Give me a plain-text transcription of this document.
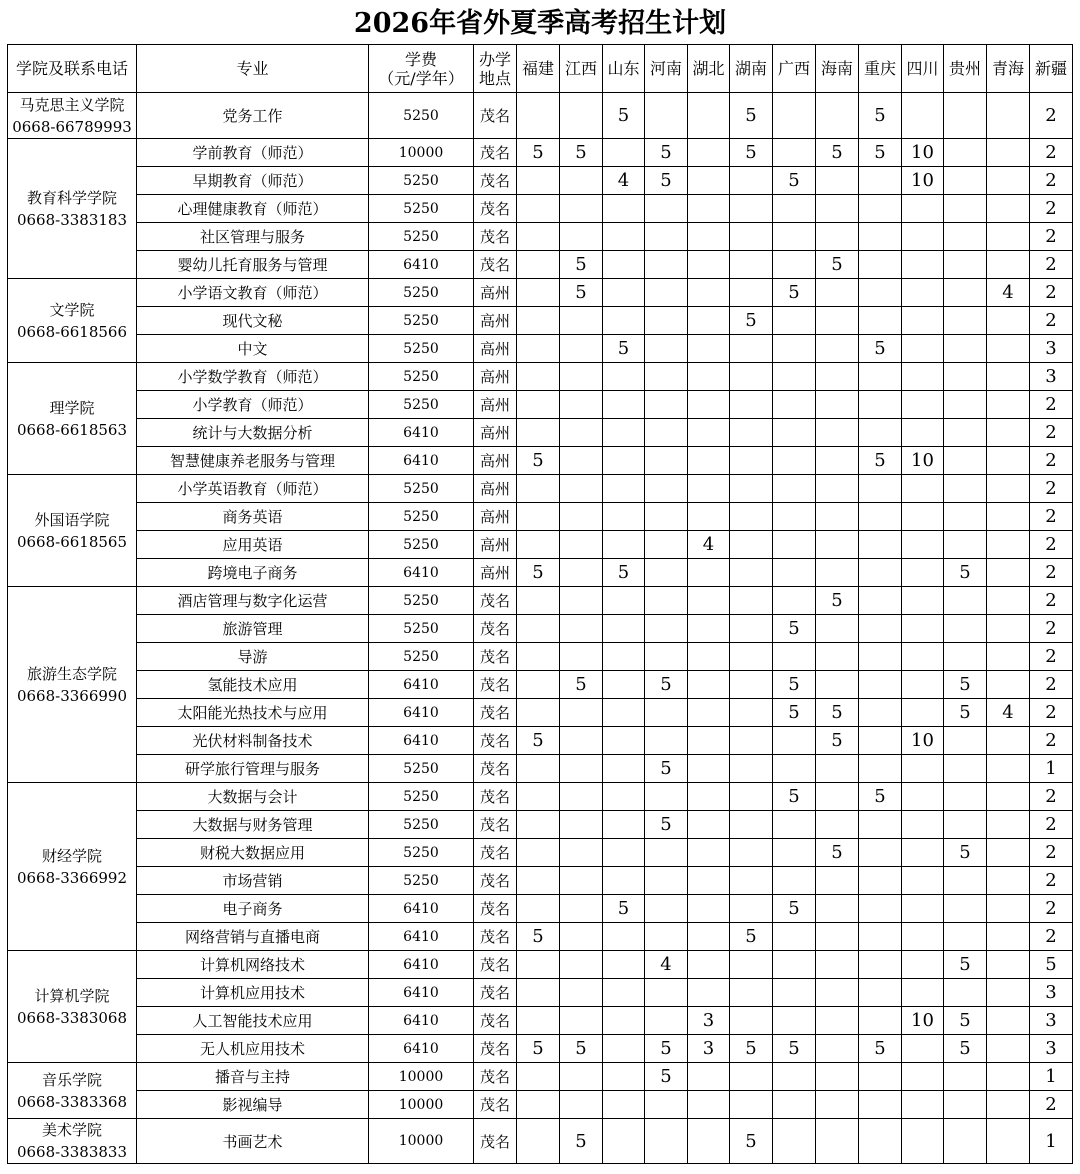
2026年省外夏季高考招生计划
学院及联系电话	专业	学费
（元/学年）	办学
地点	福建	江西	山东	河南	湖北	湖南	广西	海南	重庆	四川	贵州	青海	新疆

马克思主义学院
0668-66789993	党务工作	5250	茂名			5			5			5				2

教育科学学院
0668-3383183	学前教育（师范）	10000	茂名	5	5		5		5		5	5	10			2
	早期教育（师范）	5250	茂名			4	5			5			10			2
	心理健康教育（师范）	5250	茂名													2
	社区管理与服务	5250	茂名													2
	婴幼儿托育服务与管理	6410	茂名		5						5					2

文学院
0668-6618566	小学语文教育（师范）	5250	高州		5					5					4	2
	现代文秘	5250	高州						5							2
	中文	5250	高州			5						5				3

理学院
0668-6618563	小学数学教育（师范）	5250	高州													3
	小学教育（师范）	5250	高州													2
	统计与大数据分析	6410	高州													2
	智慧健康养老服务与管理	6410	高州	5								5	10			2

外国语学院
0668-6618565	小学英语教育（师范）	5250	高州													2
	商务英语	5250	高州													2
	应用英语	5250	高州					4								2
	跨境电子商务	6410	高州	5		5								5		2

旅游生态学院
0668-3366990	酒店管理与数字化运营	5250	茂名								5					2
	旅游管理	5250	茂名							5						2
	导游	5250	茂名													2
	氢能技术应用	6410	茂名		5		5			5				5		2
	太阳能光热技术与应用	6410	茂名							5	5			5	4	2
	光伏材料制备技术	6410	茂名	5							5		10			2
	研学旅行管理与服务	5250	茂名				5									1

财经学院
0668-3366992	大数据与会计	5250	茂名							5		5				2
	大数据与财务管理	5250	茂名				5									2
	财税大数据应用	5250	茂名								5			5		2
	市场营销	5250	茂名													2
	电子商务	6410	茂名			5				5						2
	网络营销与直播电商	6410	茂名	5					5							2

计算机学院
0668-3383068	计算机网络技术	6410	茂名				4							5		5
	计算机应用技术	6410	茂名													3
	人工智能技术应用	6410	茂名					3					10	5		3
	无人机应用技术	6410	茂名	5	5		5	3	5	5		5		5		3

音乐学院
0668-3383368	播音与主持	10000	茂名				5									1
	影视编导	10000	茂名													2

美术学院
0668-3383833	书画艺术	10000	茂名		5				5							1
